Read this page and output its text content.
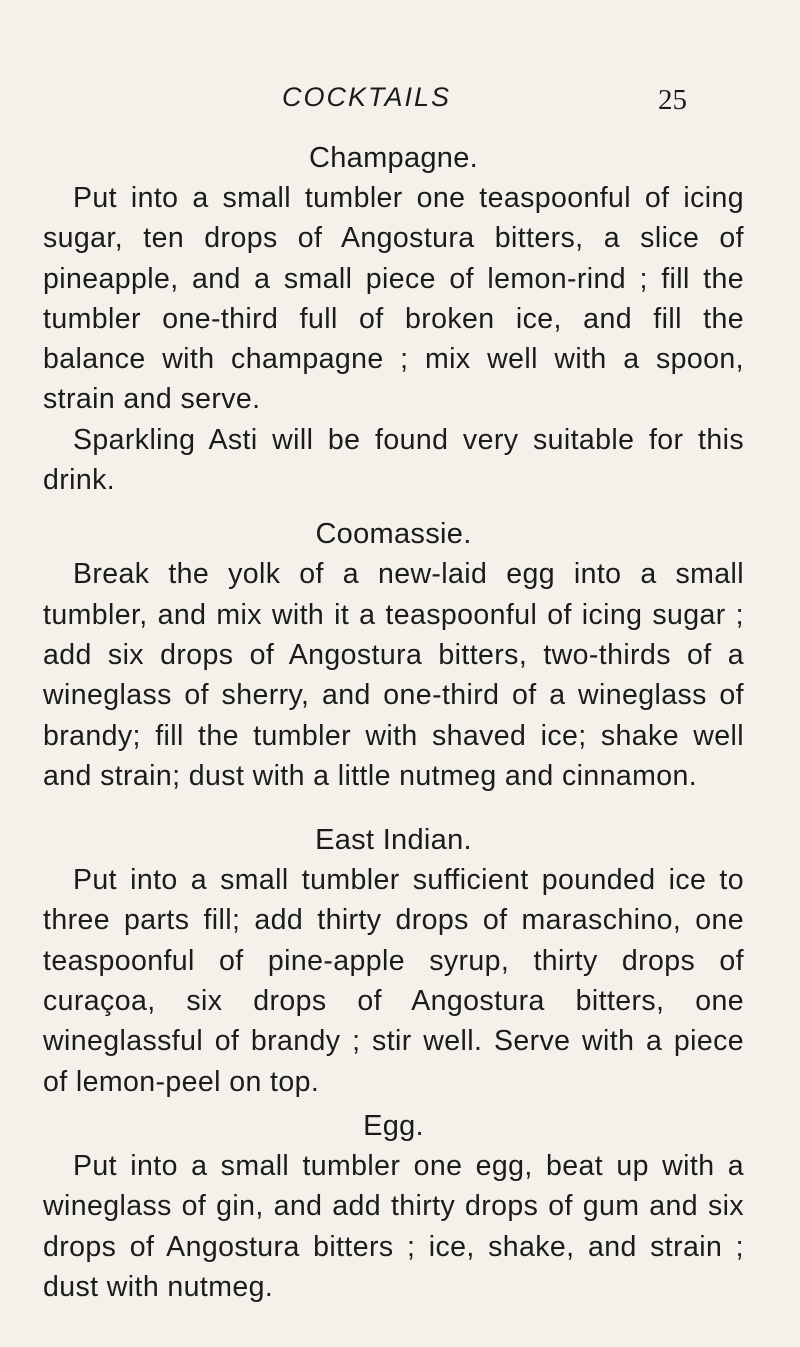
COCKTAILS	25
Champagne.

Put into a small tumbler one teaspoonful of icing sugar, ten drops of Angostura bitters, a slice of pineapple, and a small piece of lemon-rind ; fill the tumbler one-third full of broken ice, and fill the balance with champagne ; mix well with a spoon, strain and serve.

Sparkling Asti will be found very suitable for this drink.

Coomassie.

Break the yolk of a new-laid egg into a small tumbler, and mix with it a teaspoonful of icing sugar ; add six drops of Angostura bitters, two-thirds of a wineglass of sherry, and one-third of a wineglass of brandy; fill the tumbler with shaved ice; shake well and strain; dust with a little nutmeg and cinnamon.

East Indian.

Put into a small tumbler sufficient pounded ice to three parts fill; add thirty drops of maraschino, one teaspoonful of pine-apple syrup, thirty drops of curaçoa, six drops of Angostura bitters, one wineglassful of brandy ; stir well. Serve with a piece of lemon-peel on top.

Egg.

Put into a small tumbler one egg, beat up with a wineglass of gin, and add thirty drops of gum and six drops of Angostura bitters ; ice, shake, and strain ; dust with nutmeg.
